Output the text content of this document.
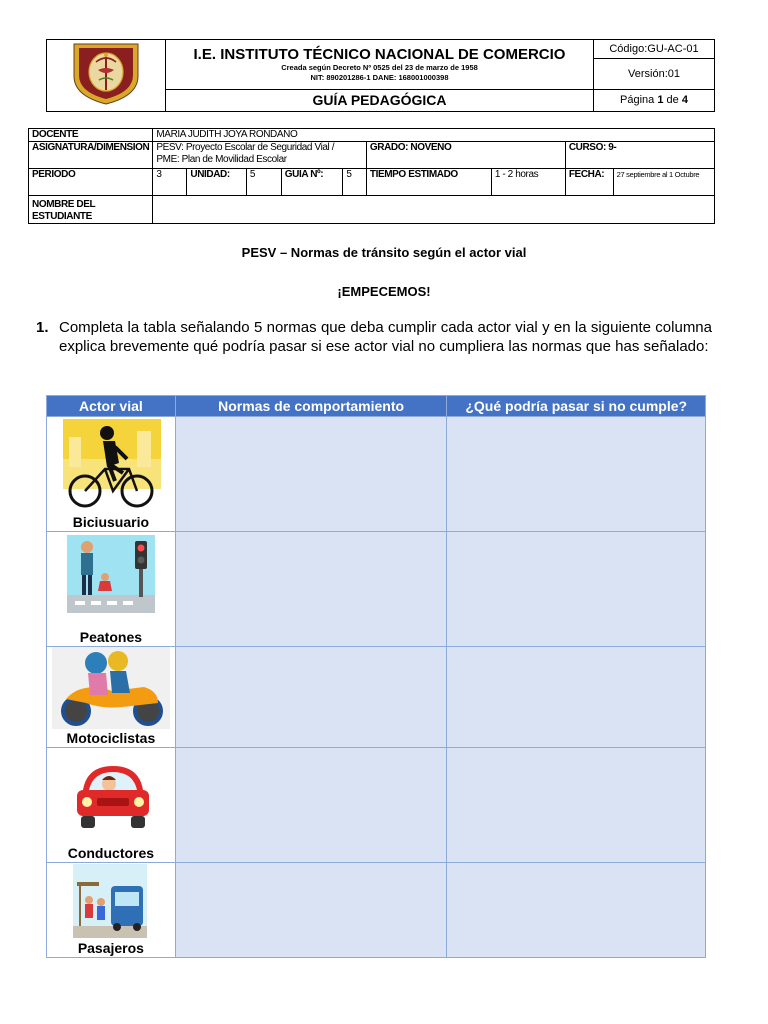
I.E. INSTITUTO TÉCNICO NACIONAL DE COMERCIO
Creada según Decreto Nº 0525 del 23 de marzo de 1958
NIT: 890201286-1 DANE: 168001000398	Código:GU-AC-01
		Versión:01
	GUÍA PEDAGÓGICA	Página 1 de 4
DOCENTE	MARIA JUDITH JOYA RONDANO								
ASIGNATURA/DIMENSION	PESV: Proyecto Escolar de Seguridad Vial /
PME: Plan de Movilidad Escolar					GRADO: NOVENO		CURSO: 9-	
PERIODO	3	UNIDAD:	5	GUIA Nº:	5	TIEMPO ESTIMADO	1 - 2 horas	FECHA:	27 septiembre al 1 Octubre
NOMBRE DEL ESTUDIANTE									
PESV – Normas de tránsito según el actor vial
¡EMPECEMOS!
1. Completa la tabla señalando 5 normas que deba cumplir cada actor vial y en la siguiente columna explica brevemente qué podría pasar si ese actor vial no cumpliera las normas que has señalado:
Actor vial	Normas de comportamiento	¿Qué podría pasar si no cumple?

Biciusuario		

Peatones		

Motociclistas		

Conductores		

Pasajeros		
